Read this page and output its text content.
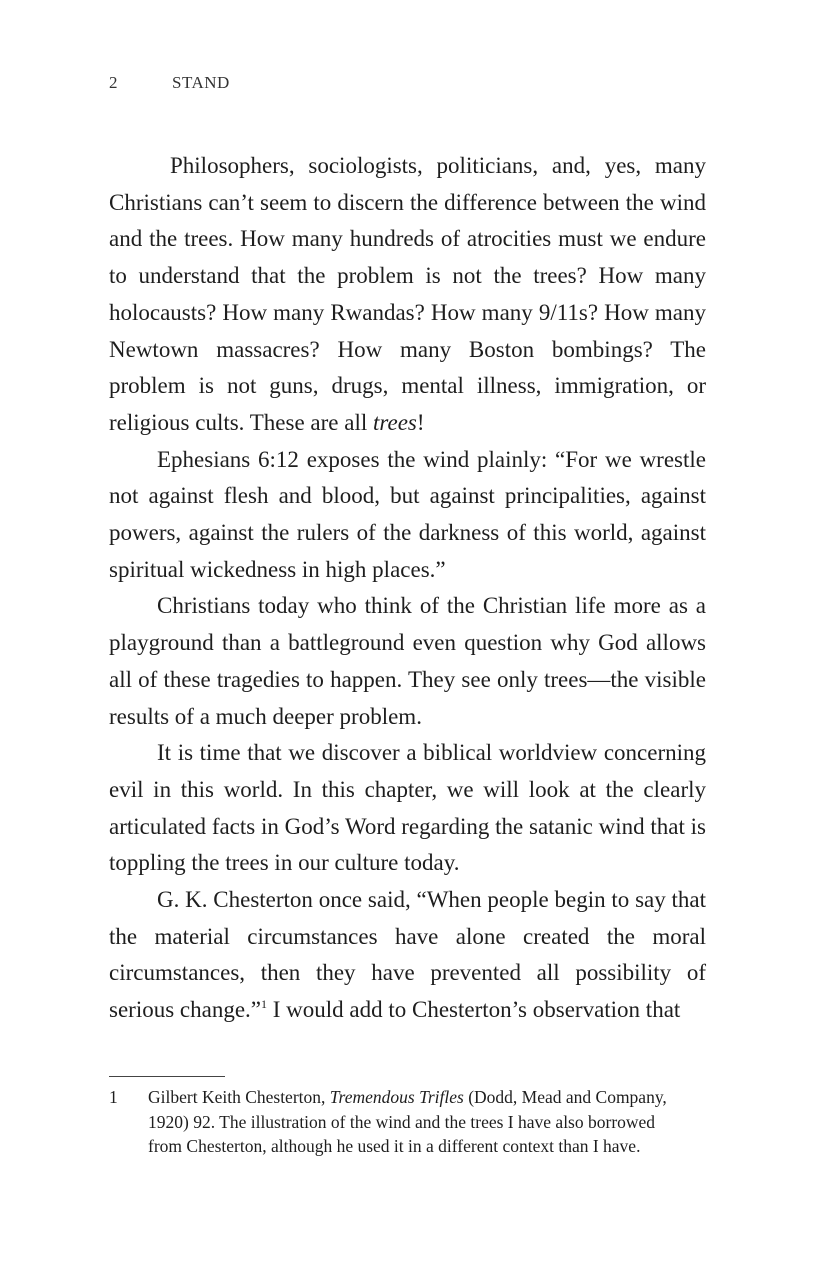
2	STAND

Philosophers, sociologists, politicians, and, yes, many Christians can’t seem to discern the difference between the wind and the trees. How many hundreds of atrocities must we endure to understand that the problem is not the trees? How many holocausts? How many Rwandas? How many 9/11s? How many Newtown massacres? How many Boston bombings? The problem is not guns, drugs, mental illness, immigration, or religious cults. These are all trees!

Ephesians 6:12 exposes the wind plainly: “For we wrestle not against flesh and blood, but against principalities, against powers, against the rulers of the darkness of this world, against spiritual wickedness in high places.”

Christians today who think of the Christian life more as a playground than a battleground even question why God allows all of these tragedies to happen. They see only trees—the visible results of a much deeper problem.

It is time that we discover a biblical worldview concerning evil in this world. In this chapter, we will look at the clearly articulated facts in God’s Word regarding the satanic wind that is toppling the trees in our culture today.

G. K. Chesterton once said, “When people begin to say that the material circumstances have alone created the moral circumstances, then they have prevented all possibility of serious change.”$^1$ I would add to Chesterton’s observation that

1	Gilbert Keith Chesterton, Tremendous Trifles (Dodd, Mead and Company, 1920) 92. The illustration of the wind and the trees I have also borrowed from Chesterton, although he used it in a different context than I have.
